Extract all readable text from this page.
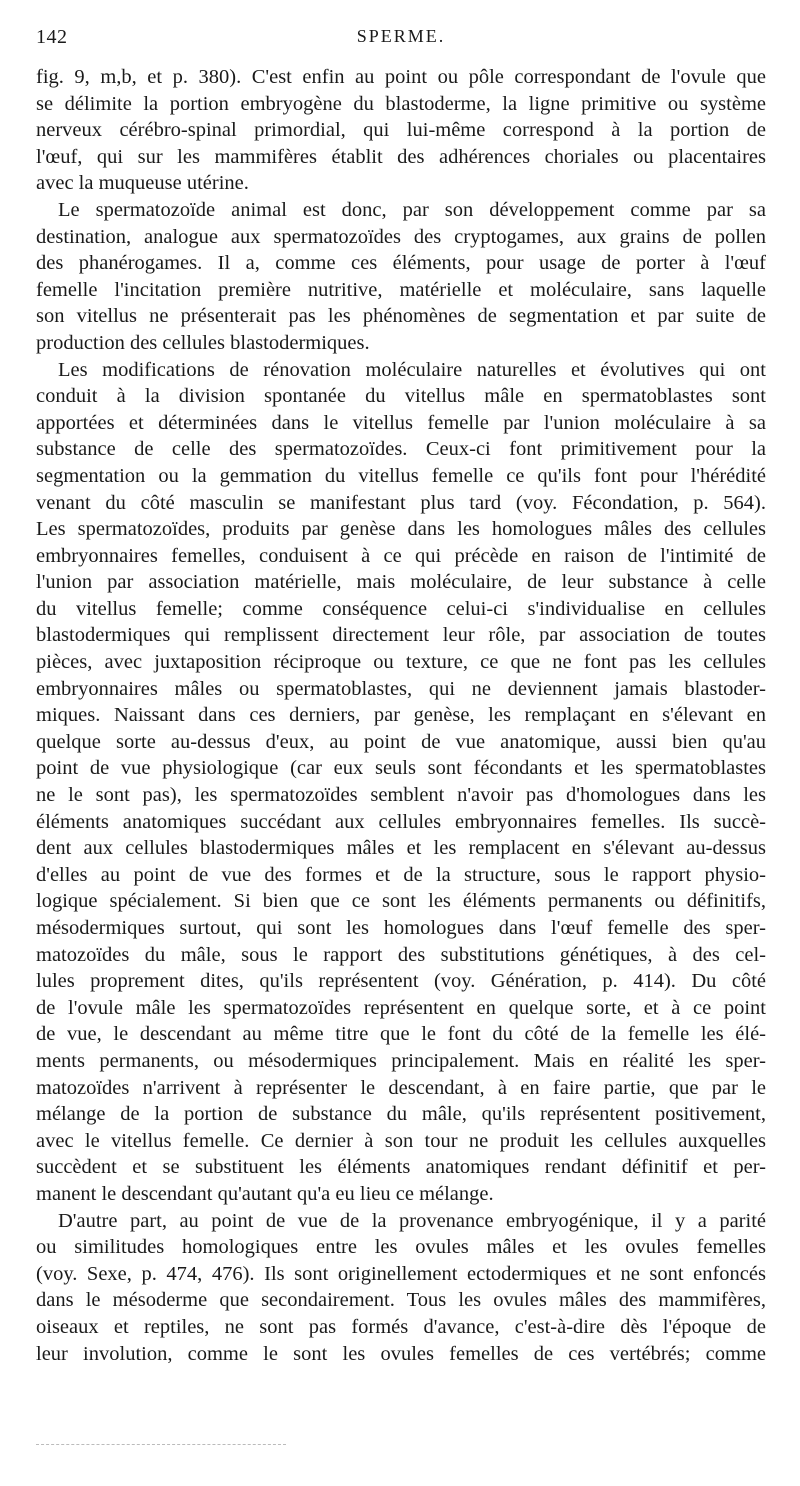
142	SPERME.
fig. 9, m,b, et p. 380). C'est enfin au point ou pôle correspondant de l'ovule que
se délimite la portion embryogène du blastoderme, la ligne primitive ou système
nerveux cérébro-spinal primordial, qui lui-même correspond à la portion de
l'œuf, qui sur les mammifères établit des adhérences choriales ou placentaires
avec la muqueuse utérine.
Le spermatozoïde animal est donc, par son développement comme par sa
destination, analogue aux spermatozoïdes des cryptogames, aux grains de pollen
des phanérogames. Il a, comme ces éléments, pour usage de porter à l'œuf
femelle l'incitation première nutritive, matérielle et moléculaire, sans laquelle
son vitellus ne présenterait pas les phénomènes de segmentation et par suite de
production des cellules blastodermiques.
Les modifications de rénovation moléculaire naturelles et évolutives qui ont
conduit à la division spontanée du vitellus mâle en spermatoblastes sont
apportées et déterminées dans le vitellus femelle par l'union moléculaire à sa
substance de celle des spermatozoïdes. Ceux-ci font primitivement pour la
segmentation ou la gemmation du vitellus femelle ce qu'ils font pour l'hérédité
venant du côté masculin se manifestant plus tard (voy. Fécondation, p. 564).
Les spermatozoïdes, produits par genèse dans les homologues mâles des cellules
embryonnaires femelles, conduisent à ce qui précède en raison de l'intimité de
l'union par association matérielle, mais moléculaire, de leur substance à celle
du vitellus femelle; comme conséquence celui-ci s'individualise en cellules
blastodermiques qui remplissent directement leur rôle, par association de toutes
pièces, avec juxtaposition réciproque ou texture, ce que ne font pas les cellules
embryonnaires mâles ou spermatoblastes, qui ne deviennent jamais blastoder-
miques. Naissant dans ces derniers, par genèse, les remplaçant en s'élevant en
quelque sorte au-dessus d'eux, au point de vue anatomique, aussi bien qu'au
point de vue physiologique (car eux seuls sont fécondants et les spermatoblastes
ne le sont pas), les spermatozoïdes semblent n'avoir pas d'homologues dans les
éléments anatomiques succédant aux cellules embryonnaires femelles. Ils succè-
dent aux cellules blastodermiques mâles et les remplacent en s'élevant au-dessus
d'elles au point de vue des formes et de la structure, sous le rapport physio-
logique spécialement. Si bien que ce sont les éléments permanents ou définitifs,
mésodermiques surtout, qui sont les homologues dans l'œuf femelle des sper-
matozoïdes du mâle, sous le rapport des substitutions génétiques, à des cel-
lules proprement dites, qu'ils représentent (voy. Génération, p. 414). Du côté
de l'ovule mâle les spermatozoïdes représentent en quelque sorte, et à ce point
de vue, le descendant au même titre que le font du côté de la femelle les élé-
ments permanents, ou mésodermiques principalement. Mais en réalité les sper-
matozoïdes n'arrivent à représenter le descendant, à en faire partie, que par le
mélange de la portion de substance du mâle, qu'ils représentent positivement,
avec le vitellus femelle. Ce dernier à son tour ne produit les cellules auxquelles
succèdent et se substituent les éléments anatomiques rendant définitif et per-
manent le descendant qu'autant qu'a eu lieu ce mélange.
D'autre part, au point de vue de la provenance embryogénique, il y a parité
ou similitudes homologiques entre les ovules mâles et les ovules femelles
(voy. Sexe, p. 474, 476). Ils sont originellement ectodermiques et ne sont enfoncés
dans le mésoderme que secondairement. Tous les ovules mâles des mammifères,
oiseaux et reptiles, ne sont pas formés d'avance, c'est-à-dire dès l'époque de
leur involution, comme le sont les ovules femelles de ces vertébrés; comme
